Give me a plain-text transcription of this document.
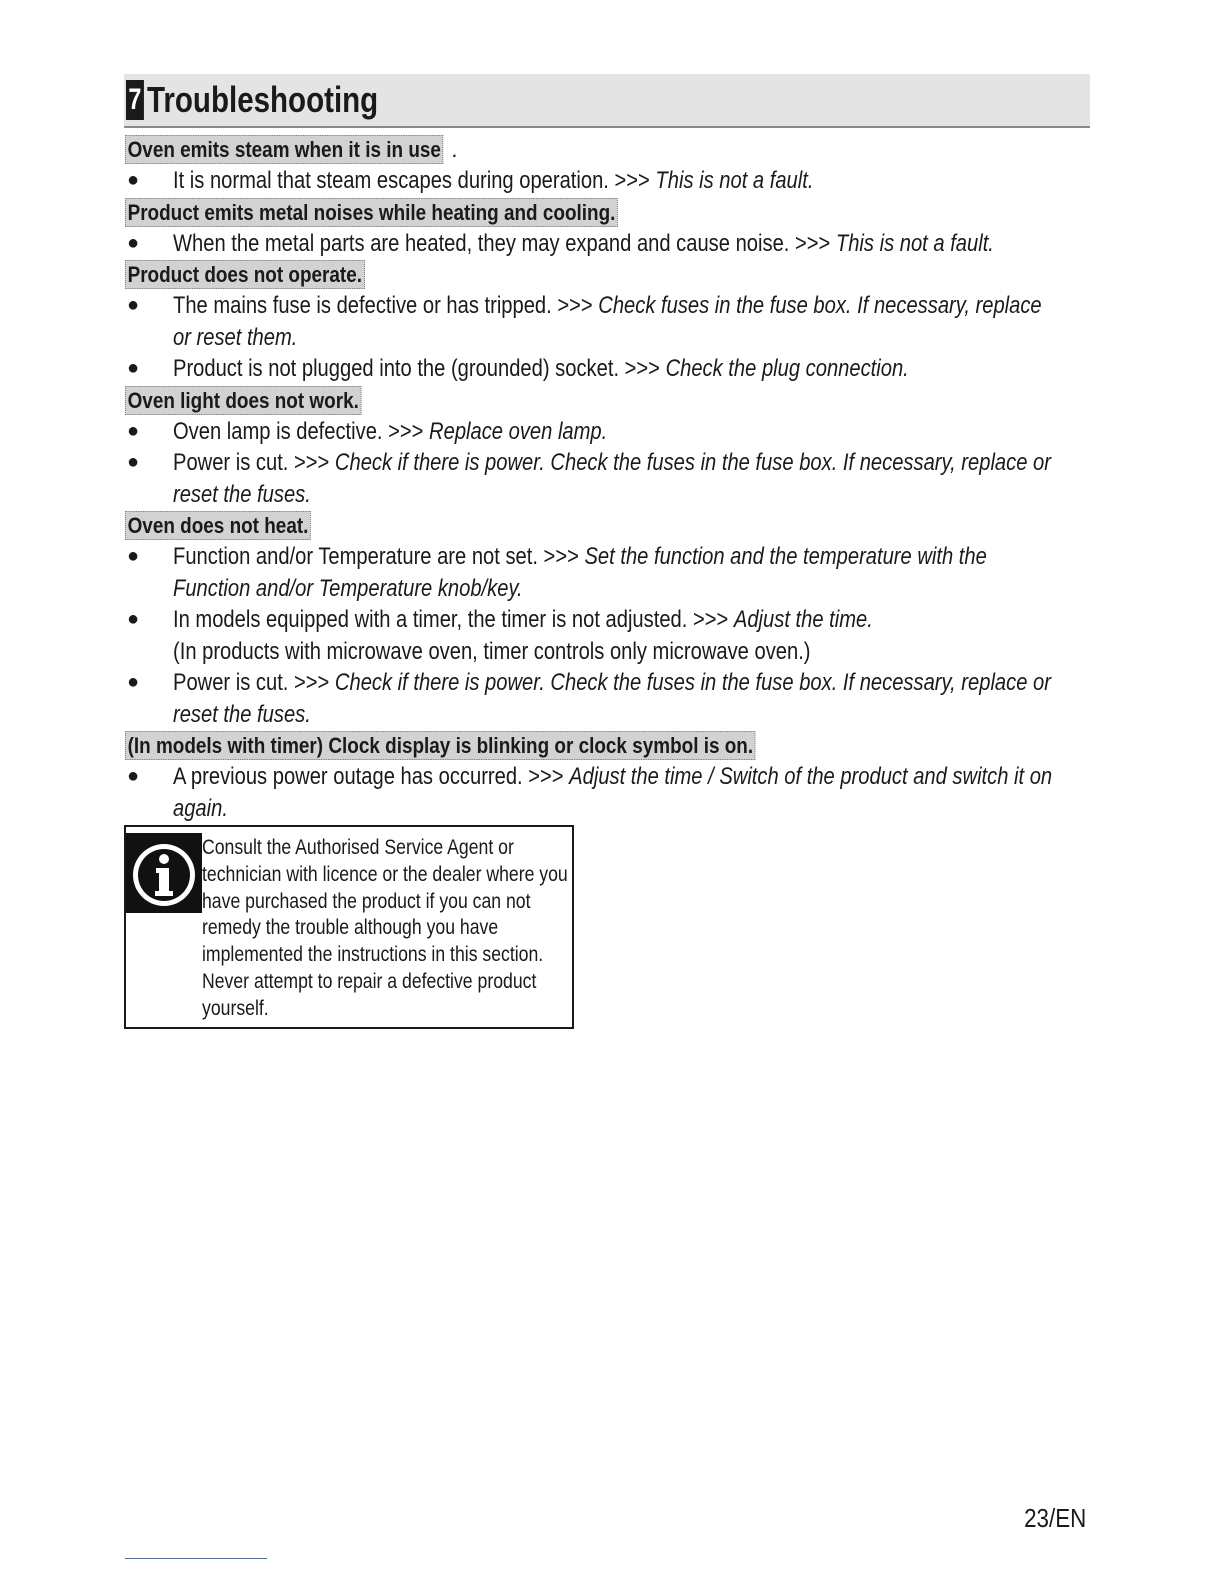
7 Troubleshooting
Oven emits steam when it is in use .
● It is normal that steam escapes during operation. >>> This is not a fault.
Product emits metal noises while heating and cooling.
● When the metal parts are heated, they may expand and cause noise. >>> This is not a fault.
Product does not operate.
● The mains fuse is defective or has tripped. >>> Check fuses in the fuse box. If necessary, replace or reset them.
● Product is not plugged into the (grounded) socket. >>> Check the plug connection.
Oven light does not work.
● Oven lamp is defective. >>> Replace oven lamp.
● Power is cut. >>> Check if there is power. Check the fuses in the fuse box. If necessary, replace or reset the fuses.
Oven does not heat.
● Function and/or Temperature are not set. >>> Set the function and the temperature with the Function and/or Temperature knob/key.
● In models equipped with a timer, the timer is not adjusted. >>> Adjust the time.
(In products with microwave oven, timer controls only microwave oven.)
● Power is cut. >>> Check if there is power. Check the fuses in the fuse box. If necessary, replace or reset the fuses.
(In models with timer) Clock display is blinking or clock symbol is on.
● A previous power outage has occurred. >>> Adjust the time / Switch of the product and switch it on again.
Consult the Authorised Service Agent or technician with licence or the dealer where you have purchased the product if you can not remedy the trouble although you have implemented the instructions in this section. Never attempt to repair a defective product yourself.
23/EN
